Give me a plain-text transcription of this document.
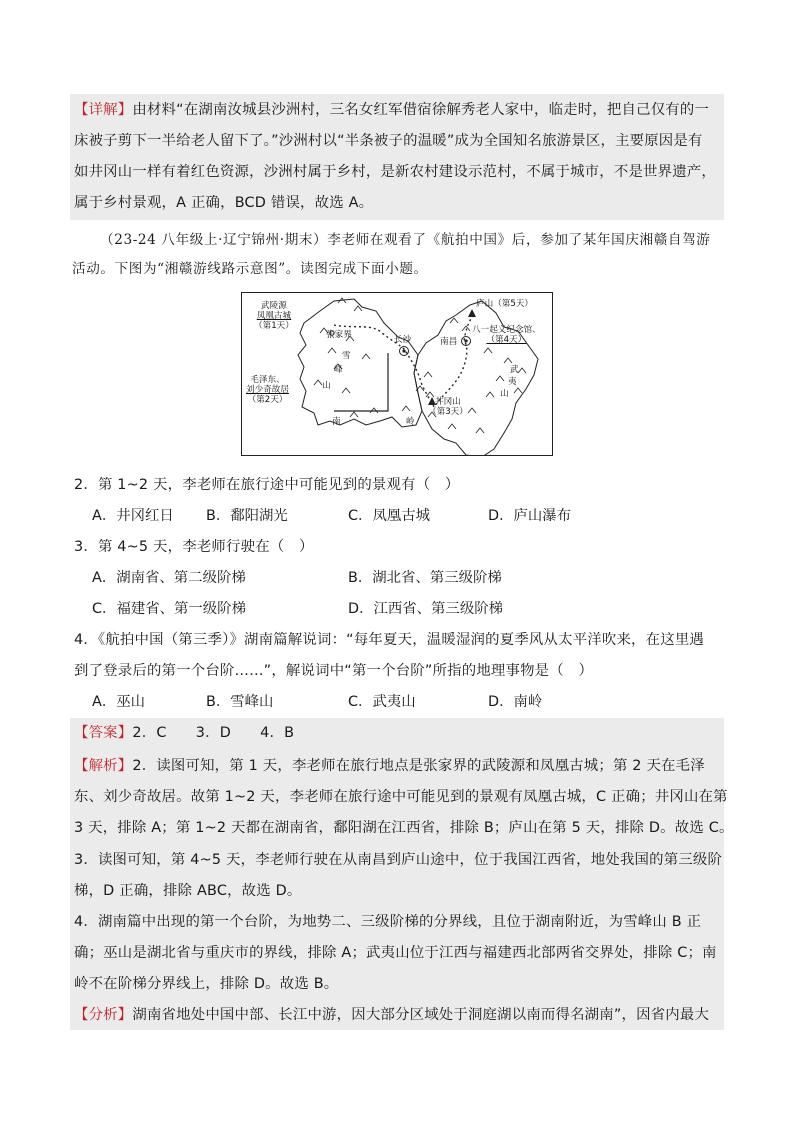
【详解】由材料“在湖南汝城县沙洲村，三名女红军借宿徐解秀老人家中，临走时，把自己仅有的一
床被子剪下一半给老人留下了。”沙洲村以“半条被子的温暖”成为全国知名旅游景区，主要原因是有
如井冈山一样有着红色资源，沙洲村属于乡村，是新农村建设示范村，不属于城市，不是世界遗产，
属于乡村景观，A 正确，BCD 错误，故选 A。
（23-24 八年级上·辽宁锦州·期末）李老师在观看了《航拍中国》后，参加了某年国庆湘赣自驾游
活动。下图为“湘赣游线路示意图”。读图完成下面小题。
武陵源
凤凰古城
（第1天）
张家界	长沙	南昌
庐山（第5天）
八一起义纪念馆、
（第4天）
毛泽东、
刘少奇故居
（第2天）
雪
峰
山
武
夷
山
南	岭
井冈山
（第3天）
2．第 1~2 天，李老师在旅行途中可能见到的景观有（　）
A．井冈红日 B．鄱阳湖光	C．凤凰古城	D．庐山瀑布
3．第 4~5 天，李老师行驶在（　）
A．湖南省、第二级阶梯	B．湖北省、第三级阶梯
C．福建省、第一级阶梯	D．江西省、第三级阶梯
4．《航拍中国（第三季）》湖南篇解说词：“每年夏天，温暖湿润的夏季风从太平洋吹来，在这里遇
到了登录后的第一个台阶……”，解说词中“第一个台阶”所指的地理事物是（　）
A．巫山	B．雪峰山	C．武夷山	D．南岭
【答案】2．C　　3．D　　4．B
【解析】2．读图可知，第 1 天，李老师在旅行地点是张家界的武陵源和凤凰古城；第 2 天在毛泽
东、刘少奇故居。故第 1~2 天，李老师在旅行途中可能见到的景观有凤凰古城，C 正确；井冈山在第
3 天，排除 A；第 1~2 天都在湖南省，鄱阳湖在江西省，排除 B；庐山在第 5 天，排除 D。故选 C。
3．读图可知，第 4~5 天，李老师行驶在从南昌到庐山途中，位于我国江西省，地处我国的第三级阶
梯，D 正确，排除 ABC，故选 D。
4．湖南篇中出现的第一个台阶，为地势二、三级阶梯的分界线，且位于湖南附近，为雪峰山 B 正
确；巫山是湖北省与重庆市的界线，排除 A；武夷山位于江西与福建西北部两省交界处，排除 C；南
岭不在阶梯分界线上，排除 D。故选 B。
【分析】湖南省地处中国中部、长江中游，因大部分区域处于洞庭湖以南而得名湖南”，因省内最大
